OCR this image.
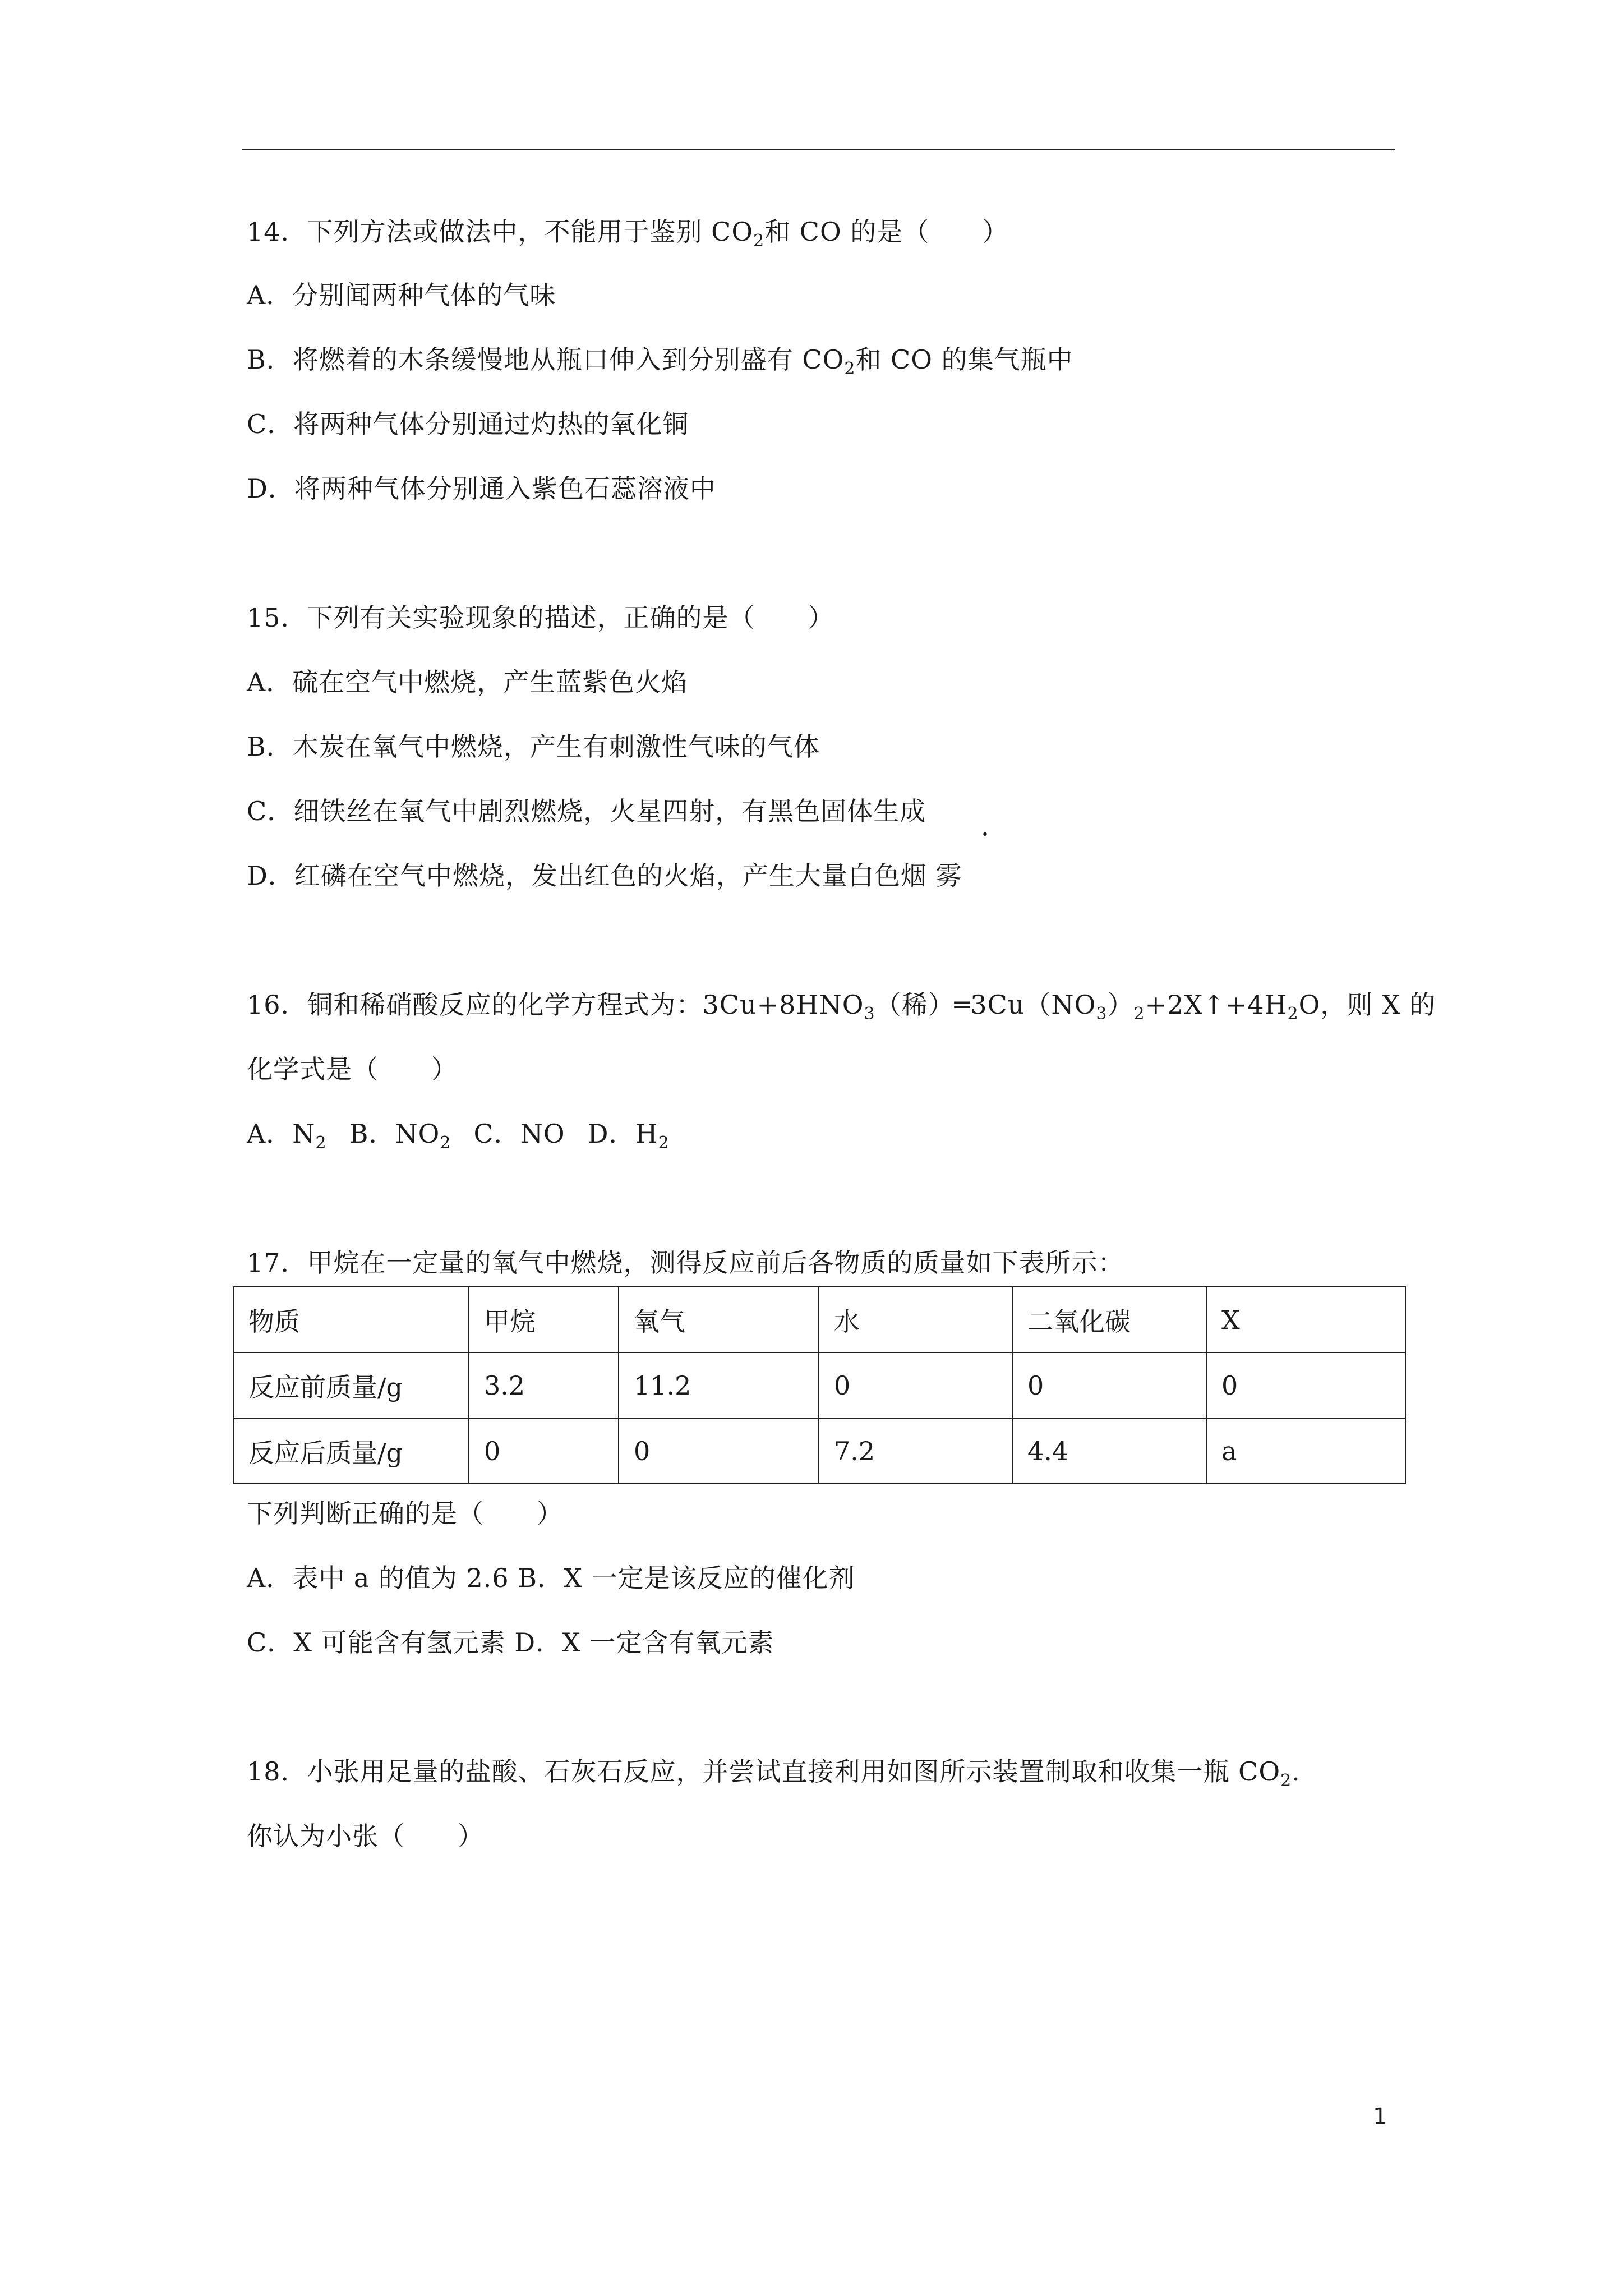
14．下列方法或做法中，不能用于鉴别 $CO_2$和 CO 的是（　　）
A．分别闻两种气体的气味
B．将燃着的木条缓慢地从瓶口伸入到分别盛有 $CO_2$和 CO 的集气瓶中
C．将两种气体分别通过灼热的氧化铜
D．将两种气体分别通入紫色石蕊溶液中
15．下列有关实验现象的描述，正确的是（　　）
A．硫在空气中燃烧，产生蓝紫色火焰
B．木炭在氧气中燃烧，产生有刺激性气味的气体
C．细铁丝在氧气中剧烈燃烧，火星四射，有黑色固体生成
•
D．红磷在空气中燃烧，发出红色的火焰，产生大量白色烟 雾
16．铜和稀硝酸反应的化学方程式为：$3Cu+8HNO_3$（稀）$═3Cu(NO_3)_2+2X↑+4H_2O$，则 X 的
化学式是（　　）
A．$N_2$ B．$NO_2$ C．NO D．$H_2$
17．甲烷在一定量的氧气中燃烧，测得反应前后各物质的质量如下表所示：
物质	甲烷	氧气	水	二氧化碳	X
反应前质量/g	3.2	11.2	0	0	0
反应后质量/g	0	0	7.2	4.4	a
下列判断正确的是（　　）
A．表中 a 的值为 2.6 B．X 一定是该反应的催化剂
C．X 可能含有氢元素 D．X 一定含有氧元素
18．小张用足量的盐酸、石灰石反应，并尝试直接利用如图所示装置制取和收集一瓶 $CO_2$.
你认为小张（　　）
1
